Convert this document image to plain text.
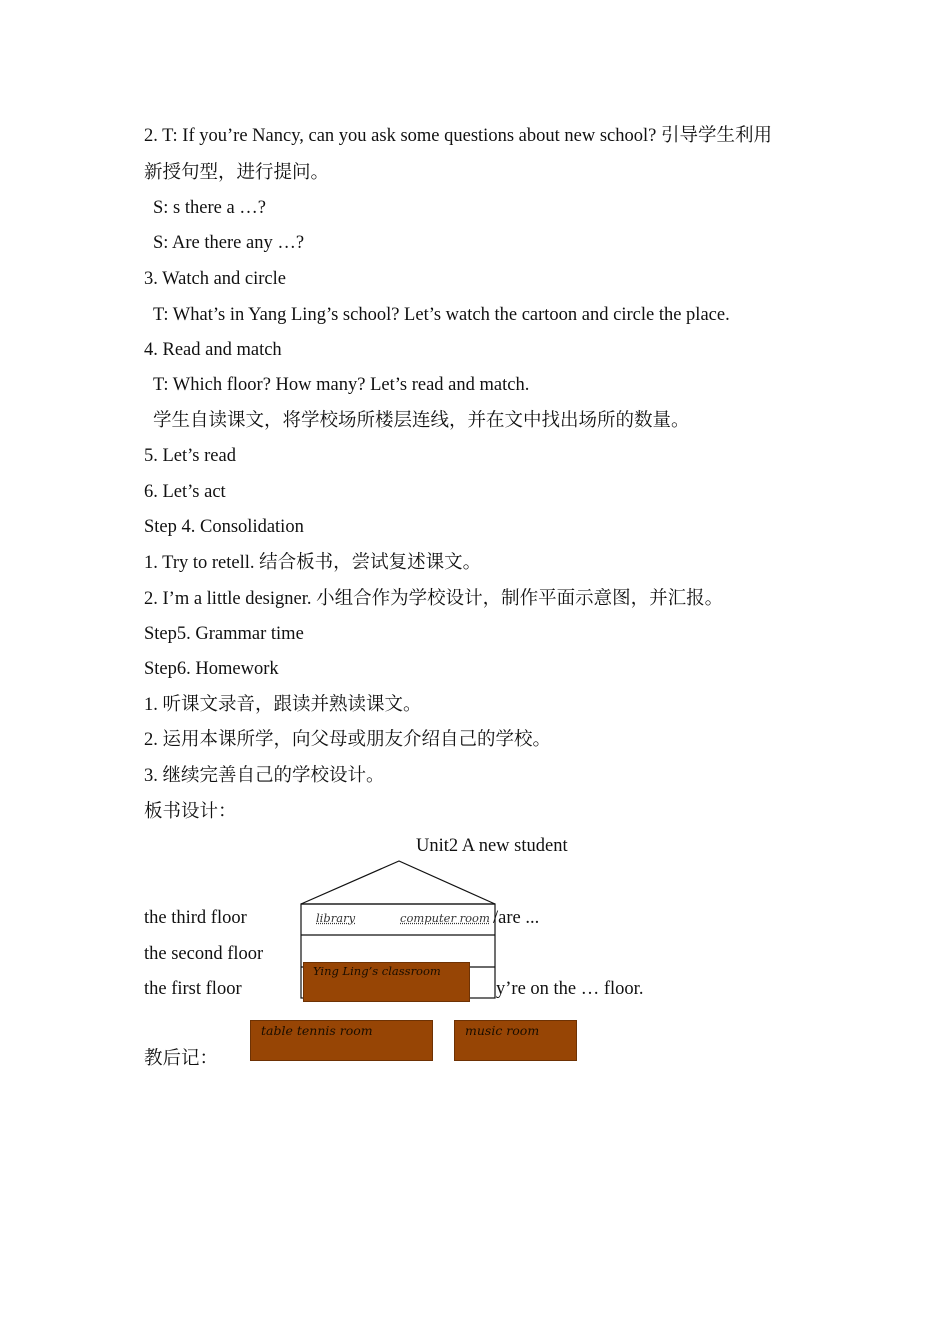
2. T: If you’re Nancy, can you ask some questions about new school? 引导学生利用
新授句型，进行提问。
S: s there a …?
S: Are there any …?
3. Watch and circle
T: What’s in Yang Ling’s school? Let’s watch the cartoon and circle the place.
4. Read and match
T: Which floor? How many? Let’s read and match.
学生自读课文，将学校场所楼层连线，并在文中找出场所的数量。
5. Let’s read
6. Let’s act
Step 4. Consolidation
1. Try to retell. 结合板书，尝试复述课文。
2. I’m a little designer. 小组合作为学校设计，制作平面示意图，并汇报。
Step5. Grammar time
Step6. Homework
1. 听课文录音，跟读并熟读课文。
2. 运用本课所学，向父母或朋友介绍自己的学校。
3. 继续完善自己的学校设计。
板书设计：
Unit2 A new student
library	computer room
the third floor
the second floor
the first floor
/are ...
y’re on the … floor.
Ying Ling’s classroom
table tennis room	music room
教后记：
